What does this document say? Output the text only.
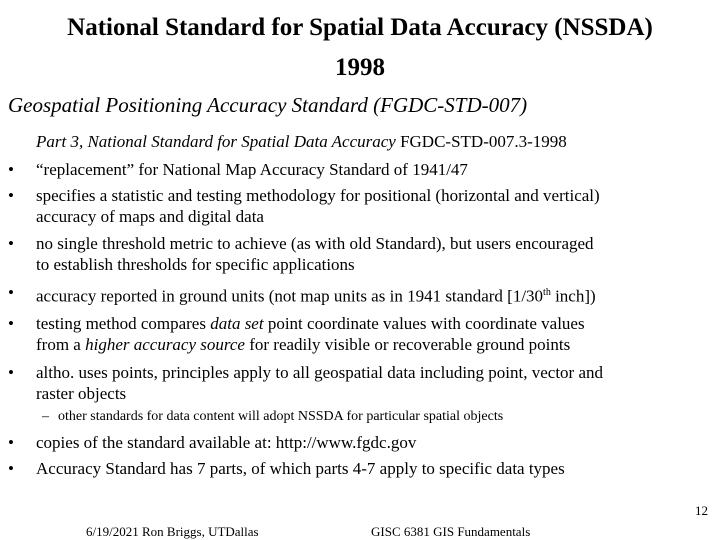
National Standard for Spatial Data Accuracy (NSSDA)
1998
Geospatial Positioning Accuracy Standard (FGDC-STD-007)
Part 3, National Standard for Spatial Data Accuracy FGDC-STD-007.3-1998
•	“replacement” for National Map Accuracy Standard of 1941/47
•	specifies a statistic and testing methodology for positional (horizontal and vertical)
accuracy of maps and digital data
•	no single threshold metric to achieve (as with old Standard), but users encouraged
to establish thresholds for specific applications
•	accuracy reported in ground units (not map units as in 1941 standard [1/30th inch])
•	testing method compares data set point coordinate values with coordinate values
from a higher accuracy source for readily visible or recoverable ground points
•	altho. uses points, principles apply to all geospatial data including point, vector and
raster objects
– other standards for data content will adopt NSSDA for particular spatial objects
•	copies of the standard available at: http://www.fgdc.gov
•	Accuracy Standard has 7 parts, of which parts 4-7 apply to specific data types
12
6/19/2021 Ron Briggs, UTDallas	GISC 6381 GIS Fundamentals
